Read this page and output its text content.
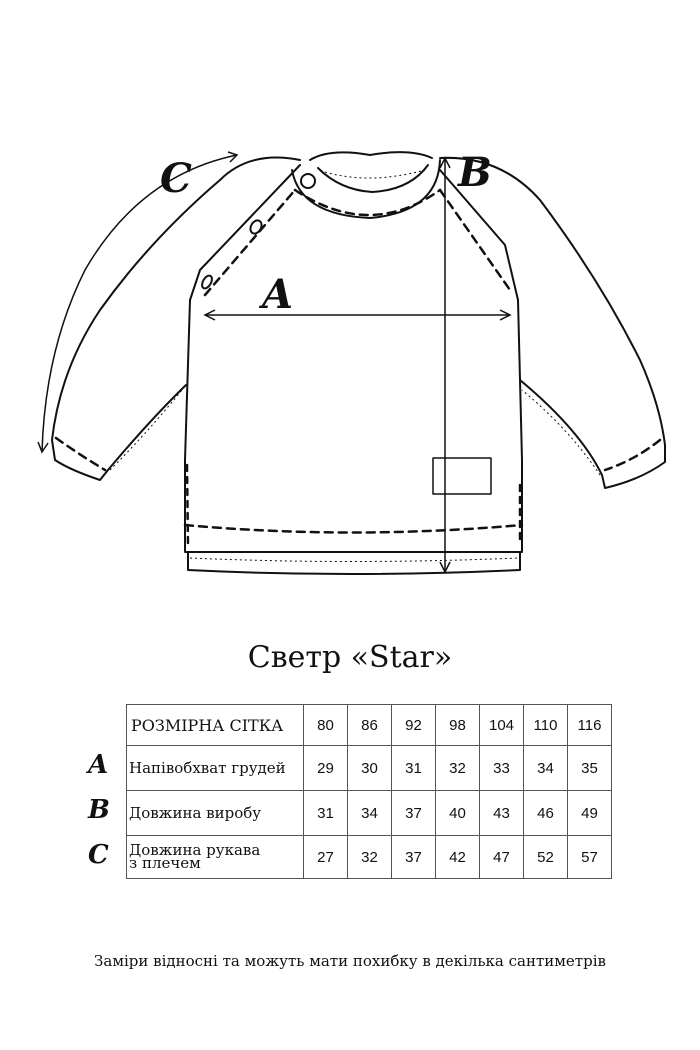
C	B
A
Светр «Star»
A
B
C
РОЗМІРНА СІТКА	80	86	92	98	104	110	116
Напівобхват грудей	29	30	31	32	33	34	35
Довжина виробу	31	34	37	40	43	46	49

Довжина рукава
з плечем	27	32	37	42	47	52	57
Заміри відносні та можуть мати похибку в декілька сантиметрів
